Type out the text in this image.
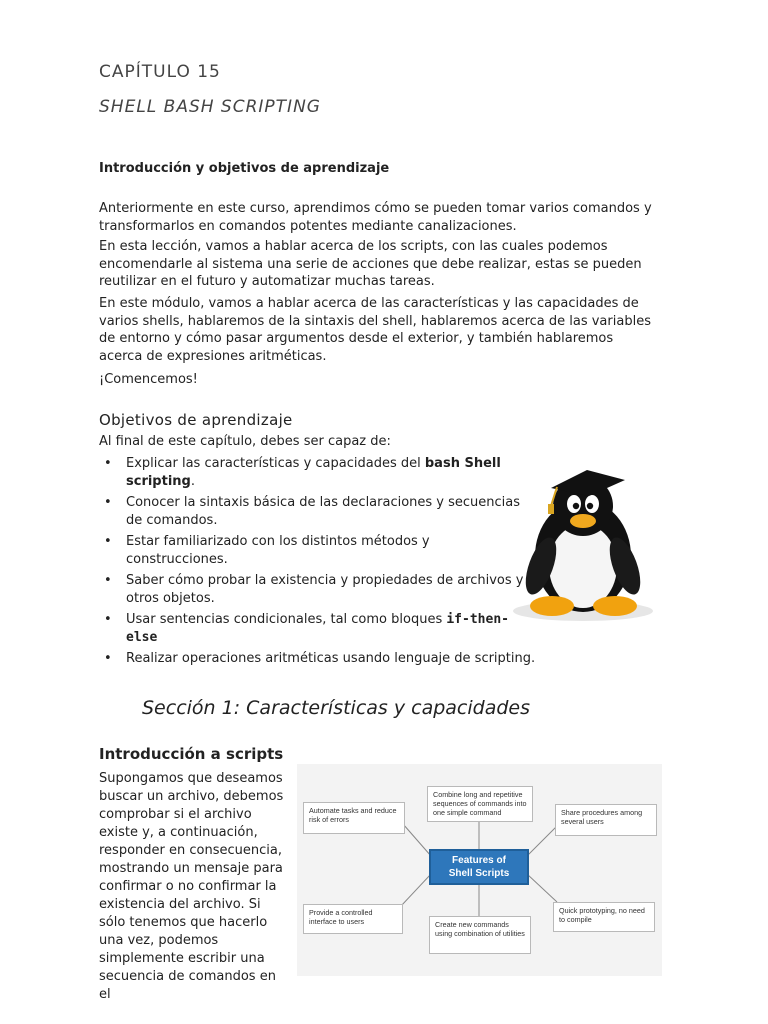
CAPÍTULO 15
SHELL BASH SCRIPTING
Introducción y objetivos de aprendizaje
Anteriormente en este curso, aprendimos cómo se pueden tomar varios comandos y transformarlos en comandos potentes mediante canalizaciones.
En esta lección, vamos a hablar acerca de los scripts, con las cuales podemos encomendarle al sistema una serie de acciones que debe realizar, estas se pueden reutilizar en el futuro y automatizar muchas tareas.
En este módulo, vamos a hablar acerca de las características y las capacidades de varios shells, hablaremos de la sintaxis del shell, hablaremos acerca de las variables de entorno y cómo pasar argumentos desde el exterior, y también hablaremos acerca de expresiones aritméticas.
¡Comencemos!
Objetivos de aprendizaje
Al final de este capítulo, debes ser capaz de:
• Explicar las características y capacidades del bash Shell scripting.
• Conocer la sintaxis básica de las declaraciones y secuencias de comandos.
• Estar familiarizado con los distintos métodos y construcciones.
• Saber cómo probar la existencia y propiedades de archivos y otros objetos.
• Usar sentencias condicionales, tal como bloques if-then-else
• Realizar operaciones aritméticas usando lenguaje de scripting.
Sección 1: Características y capacidades
Introducción a scripts
Supongamos que deseamos buscar un archivo, debemos comprobar si el archivo existe y, a continuación, responder en consecuencia, mostrando un mensaje para confirmar o no confirmar la existencia del archivo. Si sólo tenemos que hacerlo una vez, podemos simplemente escribir una secuencia de comandos en el
Combine long and repetitive sequences of commands into one simple command
Automate tasks and reduce risk of errors
Share procedures among several users
Features of
Shell Scripts
Provide a controlled interface to users	Create new commands using combination of utilities
Quick prototyping, no need to compile
